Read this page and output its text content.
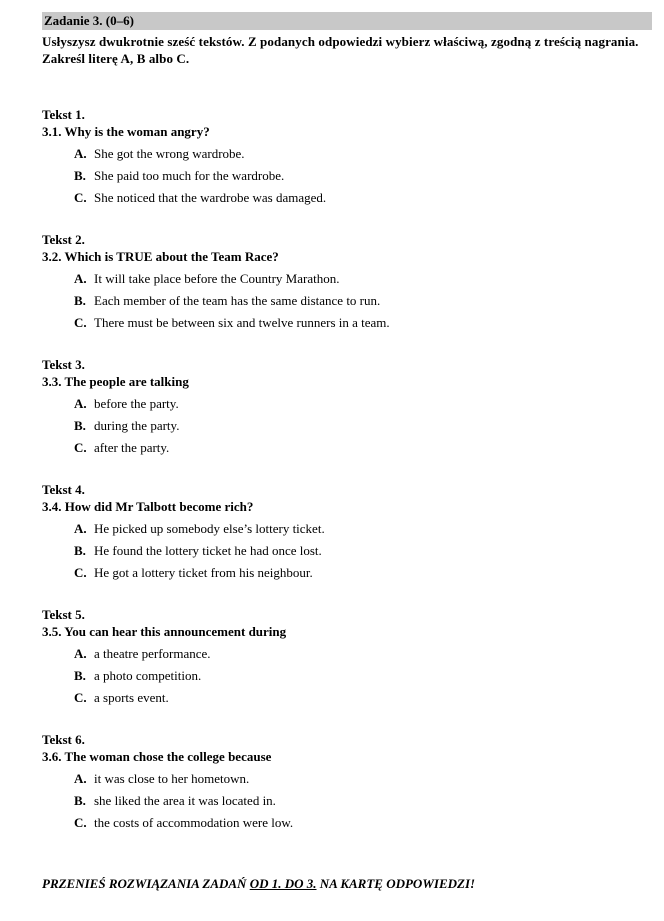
Zadanie 3. (0–6)
Usłyszysz dwukrotnie sześć tekstów. Z podanych odpowiedzi wybierz właściwą, zgodną z treścią nagrania. Zakreśl literę A, B albo C.
Tekst 1.
3.1. Why is the woman angry?
A. She got the wrong wardrobe.
B. She paid too much for the wardrobe.
C. She noticed that the wardrobe was damaged.
Tekst 2.
3.2. Which is TRUE about the Team Race?
A. It will take place before the Country Marathon.
B. Each member of the team has the same distance to run.
C. There must be between six and twelve runners in a team.
Tekst 3.
3.3. The people are talking
A. before the party.
B. during the party.
C. after the party.
Tekst 4.
3.4. How did Mr Talbott become rich?
A. He picked up somebody else’s lottery ticket.
B. He found the lottery ticket he had once lost.
C. He got a lottery ticket from his neighbour.
Tekst 5.
3.5. You can hear this announcement during
A. a theatre performance.
B. a photo competition.
C. a sports event.
Tekst 6.
3.6. The woman chose the college because
A. it was close to her hometown.
B. she liked the area it was located in.
C. the costs of accommodation were low.
PRZENIEŚ ROZWIĄZANIA ZADAŃ OD 1. DO 3. NA KARTĘ ODPOWIEDZI!
